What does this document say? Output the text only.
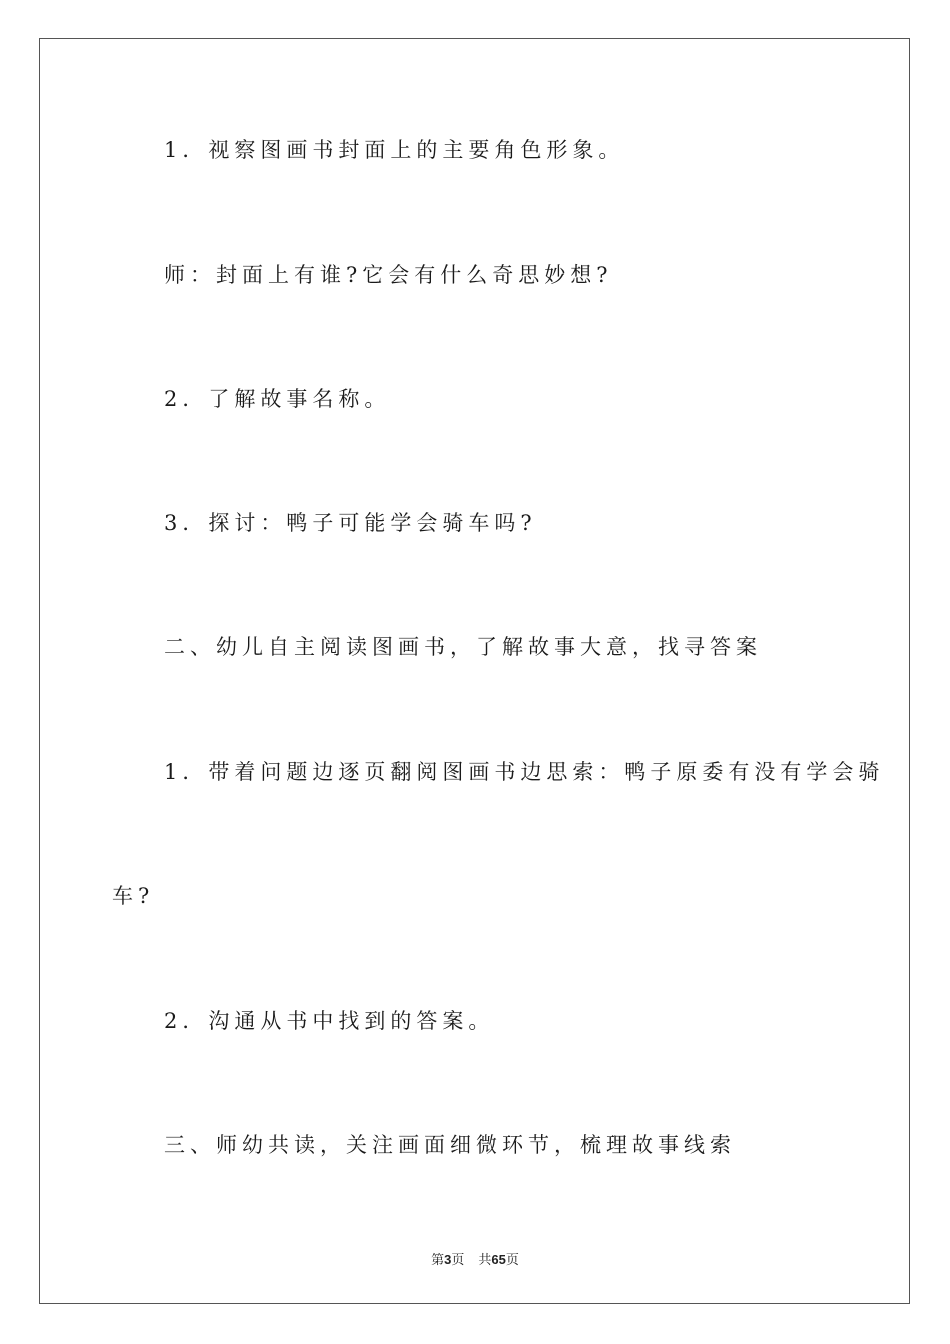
1．视察图画书封面上的主要角色形象。
师：封面上有谁?它会有什么奇思妙想?
2．了解故事名称。
3．探讨：鸭子可能学会骑车吗?
二、幼儿自主阅读图画书，了解故事大意，找寻答案
1．带着问题边逐页翻阅图画书边思索：鸭子原委有没有学会骑
车?
2．沟通从书中找到的答案。
三、师幼共读，关注画面细微环节，梳理故事线索
第3页 共65页
